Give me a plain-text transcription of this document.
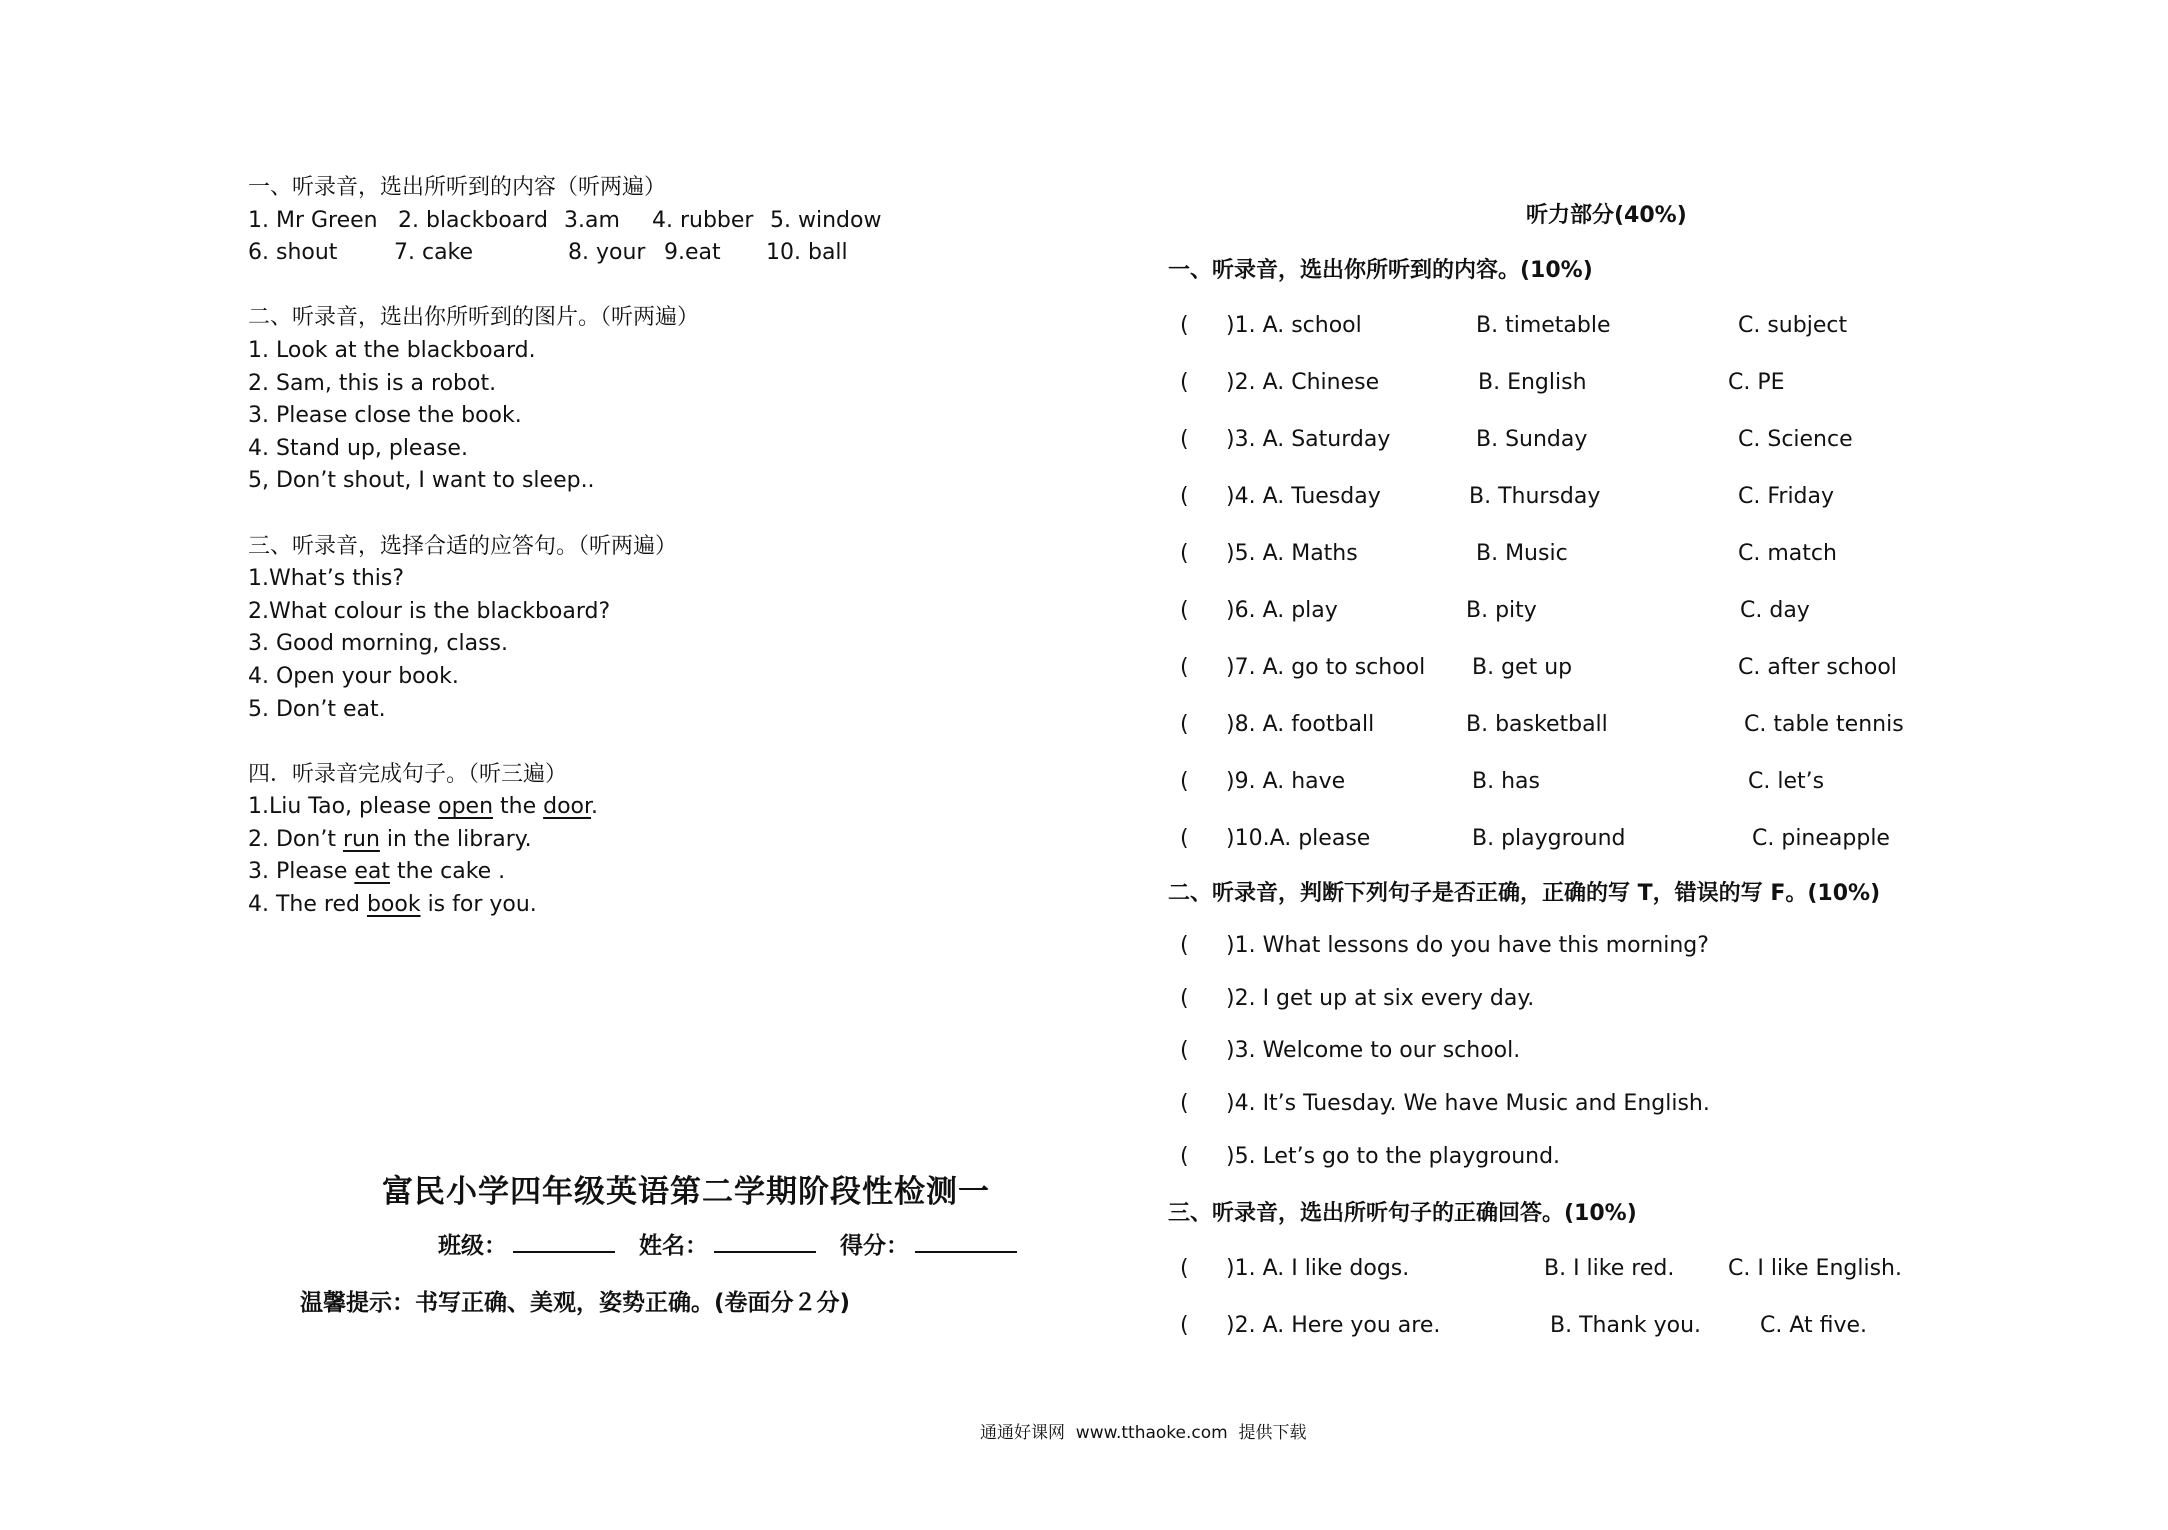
一、听录音，选出所听到的内容（听两遍）
1. Mr Green 2. blackboard 3.am 4. rubber 5. window
6. shout	7. cake	8. your 9.eat 10. ball
二、听录音，选出你所听到的图片。（听两遍）
1. Look at the blackboard.
2. Sam, this is a robot.
3. Please close the book.
4. Stand up, please.
5, Don’t shout, I want to sleep..
三、听录音，选择合适的应答句。（听两遍）
1.What’s this?
2.What colour is the blackboard?
3. Good morning, class.
4. Open your book.
5. Don’t eat.
四．听录音完成句子。（听三遍）
1.Liu Tao, please open the door.
2. Don’t run in the library.
3. Please eat the cake .
4. The red book is for you.
富民小学四年级英语第二学期阶段性检测一
班级：	姓名：	得分：
温馨提示：书写正确、美观，姿势正确。(卷面分２分)
听力部分(40%)
一、听录音，选出你所听到的内容。(10%)
( )1. A. school	B. timetable	C. subject
( )2. A. Chinese	B. English	C. PE
( )3. A. Saturday	B. Sunday	C. Science
( )4. A. Tuesday	B. Thursday	C. Friday
( )5. A. Maths	B. Music	C. match
( )6. A. play	B. pity	C. day
( )7. A. go to school B. get up	C. after school
( )8. A. football	B. basketball	C. table tennis
( )9. A. have	B. has	C. let’s
( )10.A. please	B. playground	C. pineapple
二、听录音，判断下列句子是否正确，正确的写 T，错误的写 F。(10%)
( )1. What lessons do you have this morning?
( )2. I get up at six every day.
( )3. Welcome to our school.
( )4. It’s Tuesday. We have Music and English.
( )5. Let’s go to the playground.
三、听录音，选出所听句子的正确回答。(10%)
( )1. A. I like dogs.	B. I like red. C. I like English.
( )2. A. Here you are.	B. Thank you.	C. At five.
通通好课网  www.tthaoke.com  提供下载
